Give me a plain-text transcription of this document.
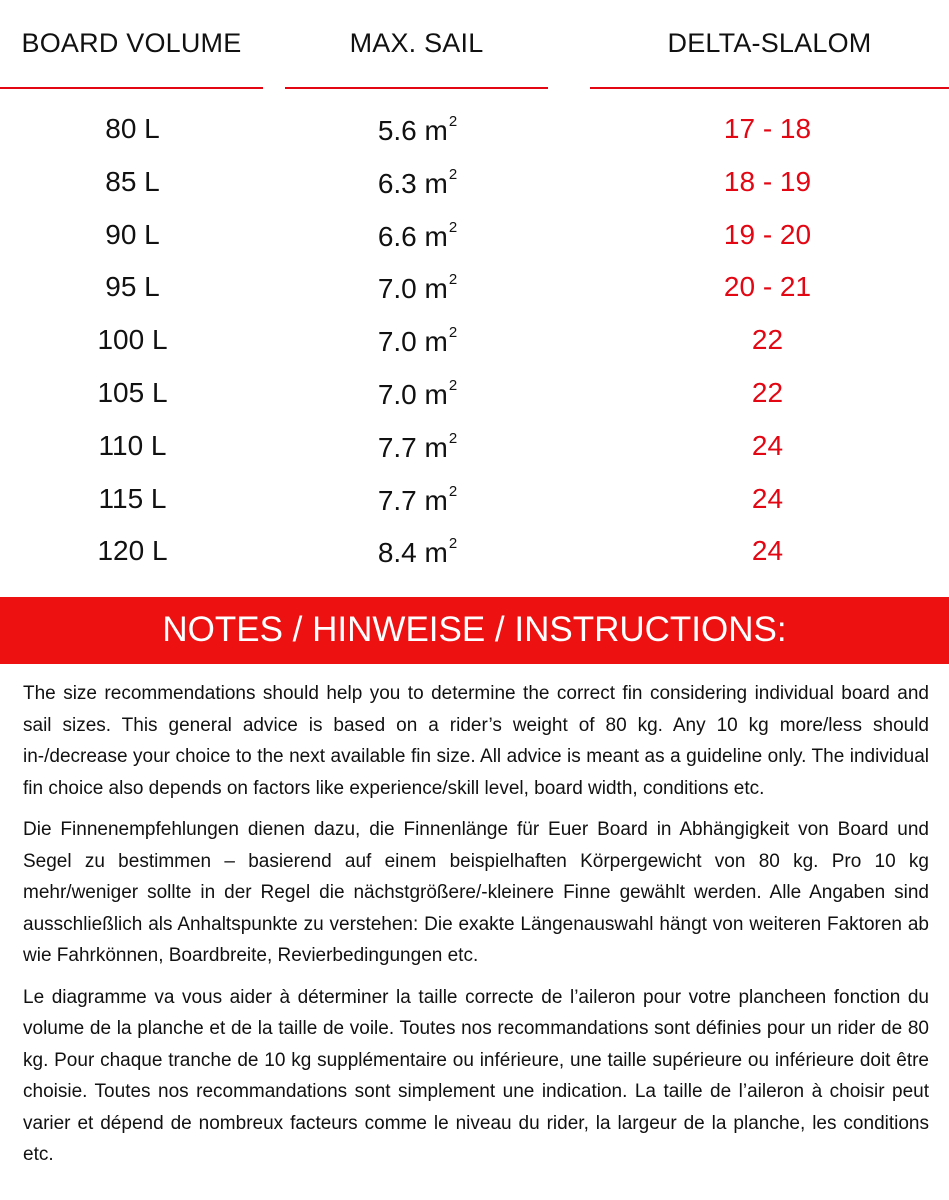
BOARD VOLUME	MAX. SAIL	DELTA-SLALOM
80 L	5.6 $m^2$	17 - 18
85 L	6.3 $m^2$	18 - 19
90 L	6.6 $m^2$	19 - 20
95 L	7.0 $m^2$	20 - 21
100 L	7.0 $m^2$	22
105 L	7.0 $m^2$	22
110 L	7.7 $m^2$	24
115 L	7.7 $m^2$	24
120 L	8.4 $m^2$	24
NOTES / HINWEISE / INSTRUCTIONS:

The size recommendations should help you to determine the correct fin considering individual board and sail sizes. This general advice is based on a rider’s weight of 80 kg. Any 10 kg more/less should in-/decrease your choice to the next available fin size. All advice is meant as a guideline only. The individual fin choice also depends on factors like experience/skill level, board width, conditions etc.

Die Finnenempfehlungen dienen dazu, die Finnenlänge für Euer Board in Abhängigkeit von Board und Segel zu bestimmen – basierend auf einem beispielhaften Körpergewicht von 80 kg. Pro 10 kg mehr/weniger sollte in der Regel die nächstgrößere/-kleinere Finne gewählt werden. Alle Angaben sind ausschließlich als Anhaltspunkte zu verstehen: Die exakte Längenauswahl hängt von weiteren Faktoren ab wie Fahrkönnen, Boardbreite, Revierbedingungen etc.

Le diagramme va vous aider à déterminer la taille correcte de l’aileron pour votre plancheen fonction du volume de la planche et de la taille de voile. Toutes nos recommandations sont définies pour un rider de 80 kg. Pour chaque tranche de 10 kg supplémentaire ou inférieure, une taille supérieure ou inférieure doit être choisie. Toutes nos recommandations sont simplement une indication. La taille de l’aileron à choisir peut varier et dépend de nombreux facteurs comme le niveau du rider, la largeur de la planche, les conditions etc.
